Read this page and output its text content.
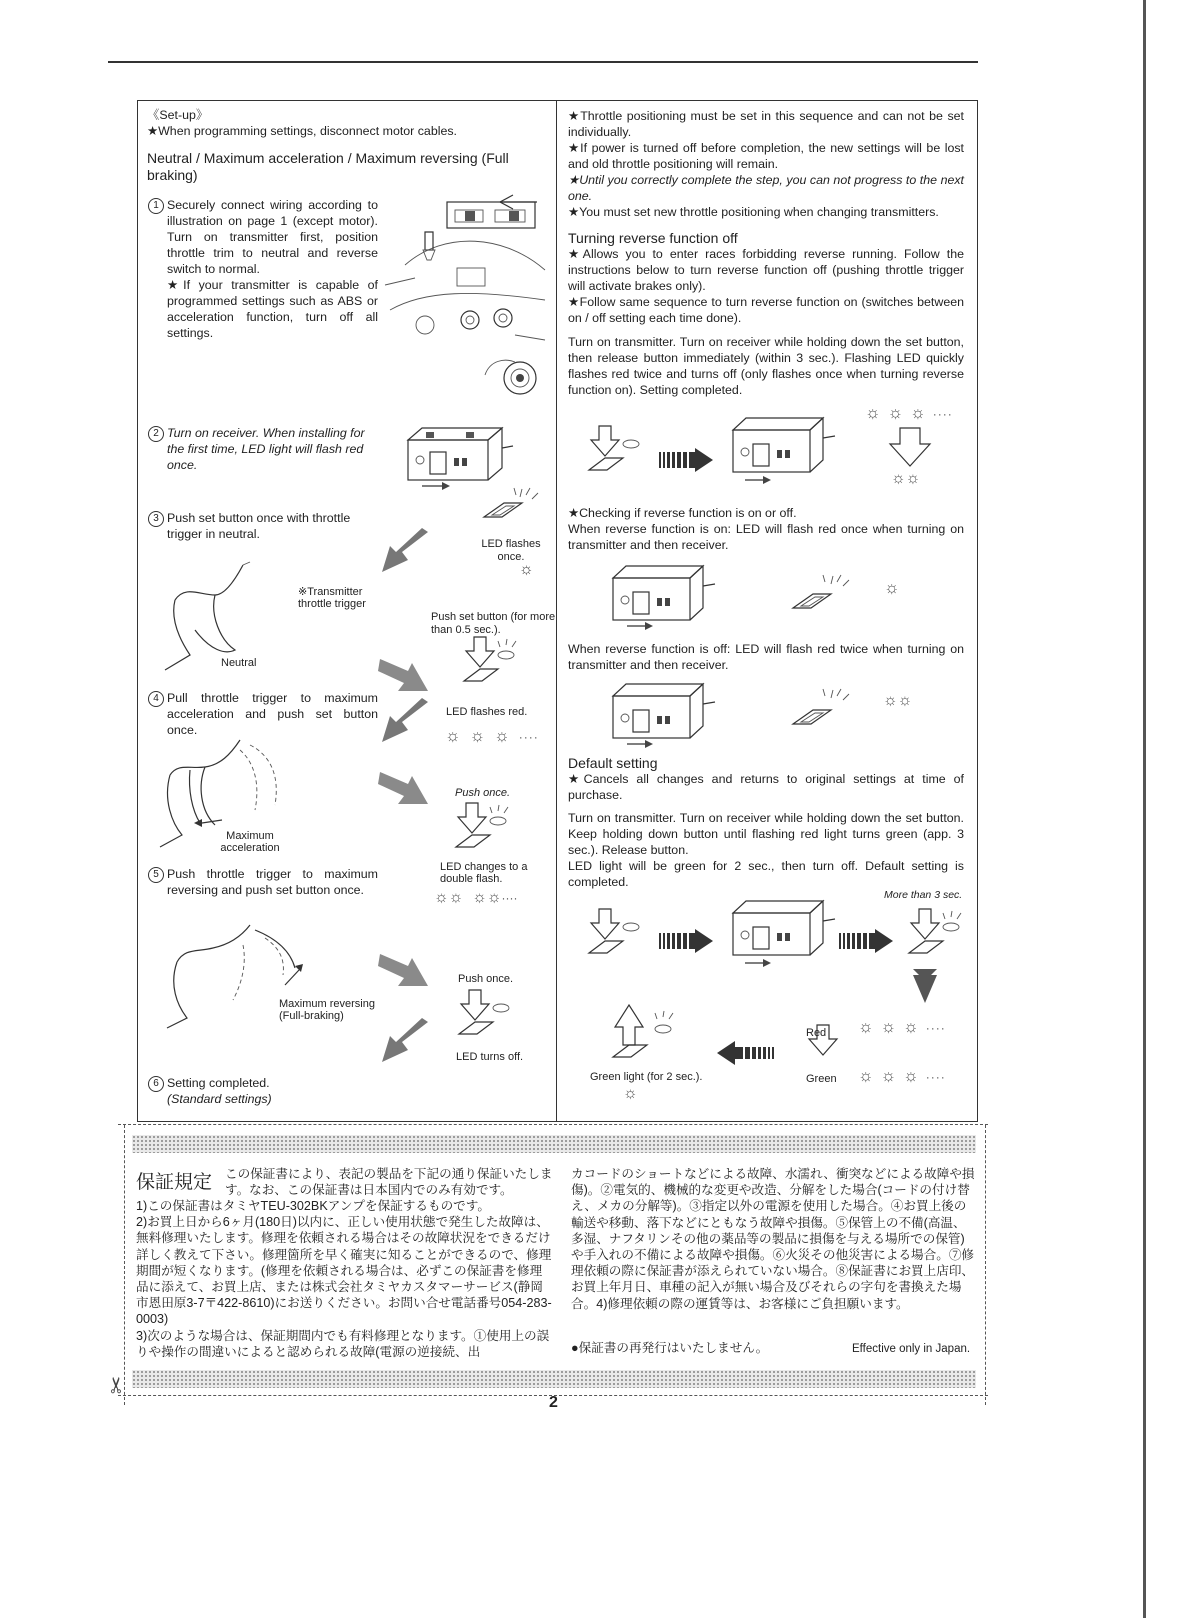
《Set-up》
★When programming settings, disconnect motor cables.
Neutral / Maximum acceleration / Maximum reversing (Full braking)
1 Securely connect wiring according to illustration on page 1 (except motor). Turn on transmitter first, position throttle trim to neutral and reverse switch to normal.
★If your transmitter is capable of programmed settings such as ABS or acceleration function, turn off all settings.
2 Turn on receiver. When installing for the first time, LED light will flash red once.
LED flashes once.
☼
3 Push set button once with throttle trigger in neutral.
※Transmitter throttle trigger
Neutral
Push set button (for more than 0.5 sec.).
4 Pull throttle trigger to maximum acceleration and push set button once.
LED flashes red.
☼☼☼····
Maximum acceleration
Push once.
LED changes to a double flash.
☼☼  ☼☼····
5 Push throttle trigger to maximum reversing and push set button once.
Maximum reversing (Full-braking)
Push once.
LED turns off.
6 Setting completed.
(Standard settings)
★Throttle positioning must be set in this sequence and can not be set individually.
★If power is turned off before completion, the new settings will be lost and old throttle positioning will remain.
★Until you correctly complete the step, you can not progress to the next one.
★You must set new throttle positioning when changing transmitters.
Turning reverse function off
★Allows you to enter races forbidding reverse running. Follow the instructions below to turn reverse function off (pushing throttle trigger will activate brakes only).
★Follow same sequence to turn reverse function on (switches between on / off setting each time done).
Turn on transmitter. Turn on receiver while holding down the set button, then release button immediately (within 3 sec.). Flashing LED quickly flashes red twice and turns off (only flashes once when turning reverse function on). Setting completed.
☼☼☼····
☼☼
★Checking if reverse function is on or off.
When reverse function is on: LED will flash red once when turning on transmitter and then receiver.
☼
When reverse function is off: LED will flash red twice when turning on transmitter and then receiver.
☼☼
Default setting
★Cancels all changes and returns to original settings at time of purchase.
Turn on transmitter. Turn on receiver while holding down the set button. Keep holding down button until flashing red light turns green (app. 3 sec.). Release button.
LED light will be green for 2 sec., then turn off. Default setting is completed.
More than 3 sec.
Red
Green
☼☼☼····
☼☼☼····
Green light (for 2 sec.).
☼
✂
保証規定 この保証書により、表記の製品を下記の通り保証いたします。なお、この保証書は日本国内でのみ有効です。
1)この保証書はタミヤTEU-302BKアンプを保証するものです。
2)お買上日から6ヶ月(180日)以内に、正しい使用状態で発生した故障は、無料修理いたします。修理を依頼される場合はその故障状況をできるだけ詳しく教えて下さい。修理箇所を早く確実に知ることができるので、修理期間が短くなります。(修理を依頼される場合は、必ずこの保証書を修理品に添えて、お買上店、または株式会社タミヤカスタマーサービス(静岡市恩田原3-7〒422-8610)にお送りください。お問い合せ電話番号054-283-0003)
3)次のような場合は、保証期間内でも有料修理となります。①使用上の誤りや操作の間違いによると認められる故障(電源の逆接続、出
カコードのショートなどによる故障、水濡れ、衝突などによる故障や損傷)。②電気的、機械的な変更や改造、分解をした場合(コードの付け替え、メカの分解等)。③指定以外の電源を使用した場合。④お買上後の輸送や移動、落下などにともなう故障や損傷。⑤保管上の不備(高温、多湿、ナフタリンその他の薬品等の製品に損傷を与える場所での保管)や手入れの不備による故障や損傷。⑥火災その他災害による場合。⑦修理依頼の際に保証書が添えられていない場合。⑧保証書にお買上店印、お買上年月日、車種の記入が無い場合及びそれらの字句を書換えた場合。4)修理依頼の際の運賃等は、お客様にご負担願います。
●保証書の再発行はいたしません。	Effective only in Japan.
2
